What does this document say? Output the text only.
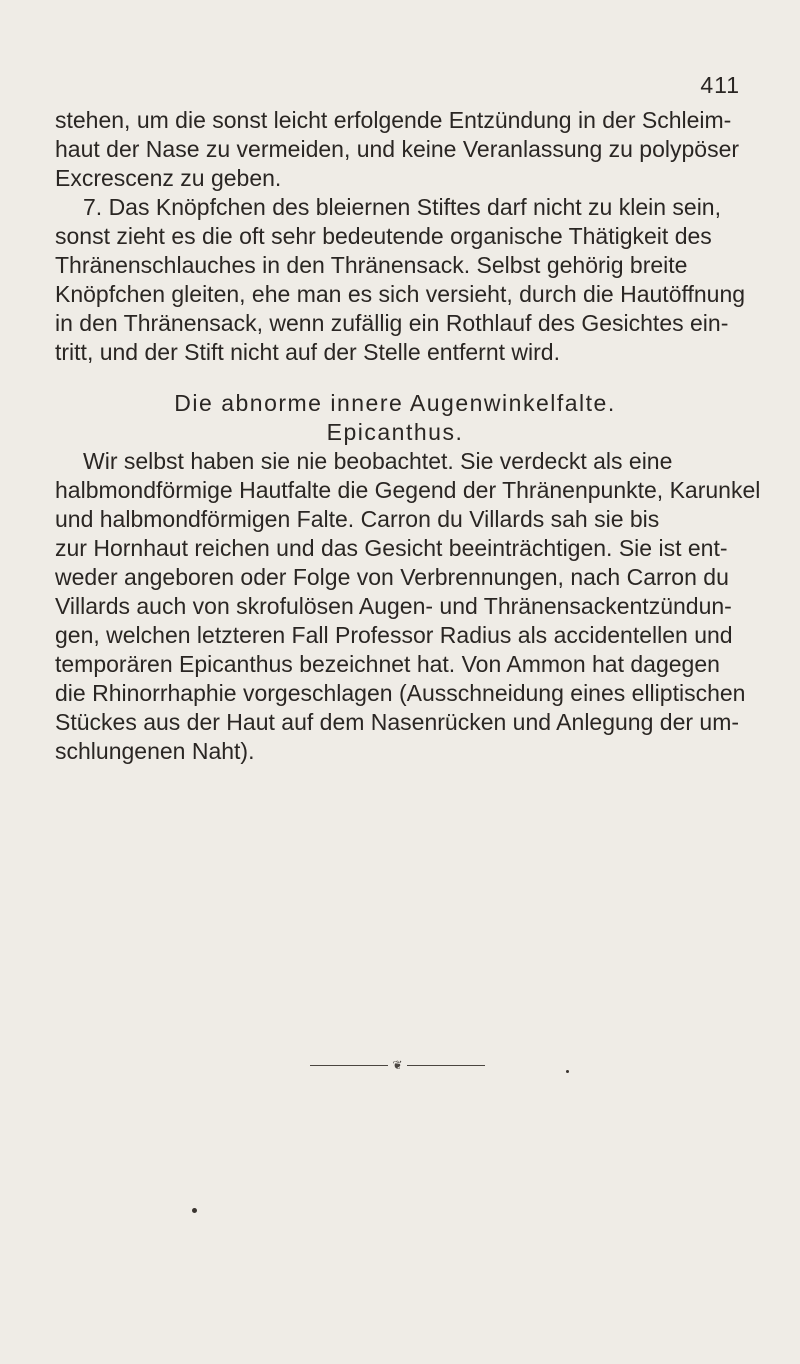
411
stehen, um die sonst leicht erfolgende Entzündung in der Schleim-
haut der Nase zu vermeiden, und keine Veranlassung zu polypöser
Excrescenz zu geben.
7. Das Knöpfchen des bleiernen Stiftes darf nicht zu klein sein,
sonst zieht es die oft sehr bedeutende organische Thätigkeit des
Thränenschlauches in den Thränensack. Selbst gehörig breite
Knöpfchen gleiten, ehe man es sich versieht, durch die Hautöffnung
in den Thränensack, wenn zufällig ein Rothlauf des Gesichtes ein-
tritt, und der Stift nicht auf der Stelle entfernt wird.
Die abnorme innere Augenwinkelfalte.
Epicanthus.
Wir selbst haben sie nie beobachtet. Sie verdeckt als eine
halbmondförmige Hautfalte die Gegend der Thränenpunkte, Karunkel
und halbmondförmigen Falte. Carron du Villards sah sie bis
zur Hornhaut reichen und das Gesicht beeinträchtigen. Sie ist ent-
weder angeboren oder Folge von Verbrennungen, nach Carron du
Villards auch von skrofulösen Augen- und Thränensackentzündun-
gen, welchen letzteren Fall Professor Radius als accidentellen und
temporären Epicanthus bezeichnet hat. Von Ammon hat dagegen
die Rhinorrhaphie vorgeschlagen (Ausschneidung eines elliptischen
Stückes aus der Haut auf dem Nasenrücken und Anlegung der um-
schlungenen Naht).
❦
